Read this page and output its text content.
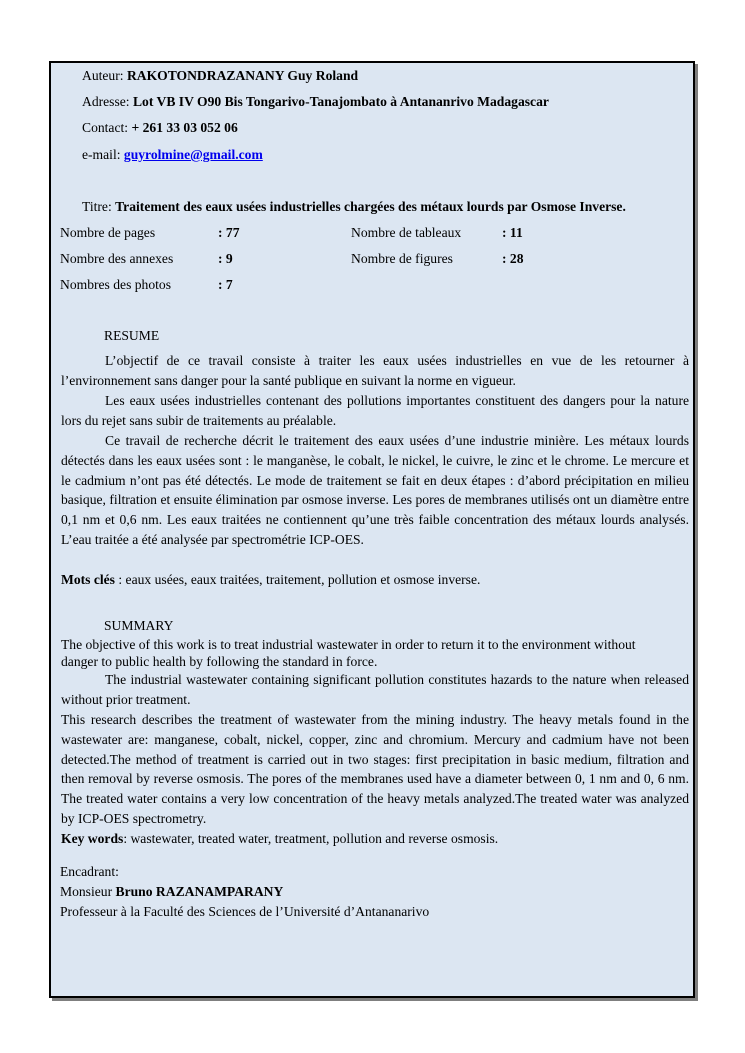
Auteur: RAKOTONDRAZANANY Guy Roland
Adresse: Lot VB IV O90 Bis Tongarivo-Tanajombato à Antananrivo Madagascar
Contact: + 261 33 03 052 06
e-mail: guyrolmine@gmail.com
Titre: Traitement des eaux usées industrielles chargées des métaux lourds par Osmose Inverse.
Nombre de pages	: 77	Nombre de tableaux	: 11
Nombre des annexes	: 9	Nombre de figures	: 28
Nombres des photos	: 7
RESUME
L’objectif de ce travail consiste à traiter les eaux usées industrielles en vue de les retourner à l’environnement sans danger pour la santé publique en suivant la norme en vigueur.
Les eaux usées industrielles contenant des pollutions importantes constituent des dangers pour la nature lors du rejet sans subir de traitements au préalable.
Ce travail de recherche décrit le traitement des eaux usées d’une industrie minière. Les métaux lourds détectés dans les eaux usées sont : le manganèse, le cobalt, le nickel, le cuivre, le zinc et le chrome. Le mercure et le cadmium n’ont pas été détectés. Le mode de traitement se fait en deux étapes : d’abord précipitation en milieu basique, filtration et ensuite élimination par osmose inverse. Les pores de membranes utilisés ont un diamètre entre 0,1 nm et 0,6 nm. Les eaux traitées ne contiennent qu’une très faible concentration des métaux lourds analysés. L’eau traitée a été analysée par spectrométrie ICP-OES.
Mots clés : eaux usées, eaux traitées, traitement, pollution et osmose inverse.
SUMMARY
The objective of this work is to treat industrial wastewater in order to return it to the environment without danger to public health by following the standard in force.
The industrial wastewater containing significant pollution constitutes hazards to the nature when released without prior treatment.
This research describes the treatment of wastewater from the mining industry. The heavy metals found in the wastewater are: manganese, cobalt, nickel, copper, zinc and chromium. Mercury and cadmium have not been detected.The method of treatment is carried out in two stages: first precipitation in basic medium, filtration and then removal by reverse osmosis. The pores of the membranes used have a diameter between 0, 1 nm and 0, 6 nm. The treated water contains a very low concentration of the heavy metals analyzed.The treated water was analyzed by ICP-OES spectrometry.
Key words: wastewater, treated water, treatment, pollution and reverse osmosis.
Encadrant:
Monsieur Bruno RAZANAMPARANY
Professeur à la Faculté des Sciences de l’Université d’Antananarivo
